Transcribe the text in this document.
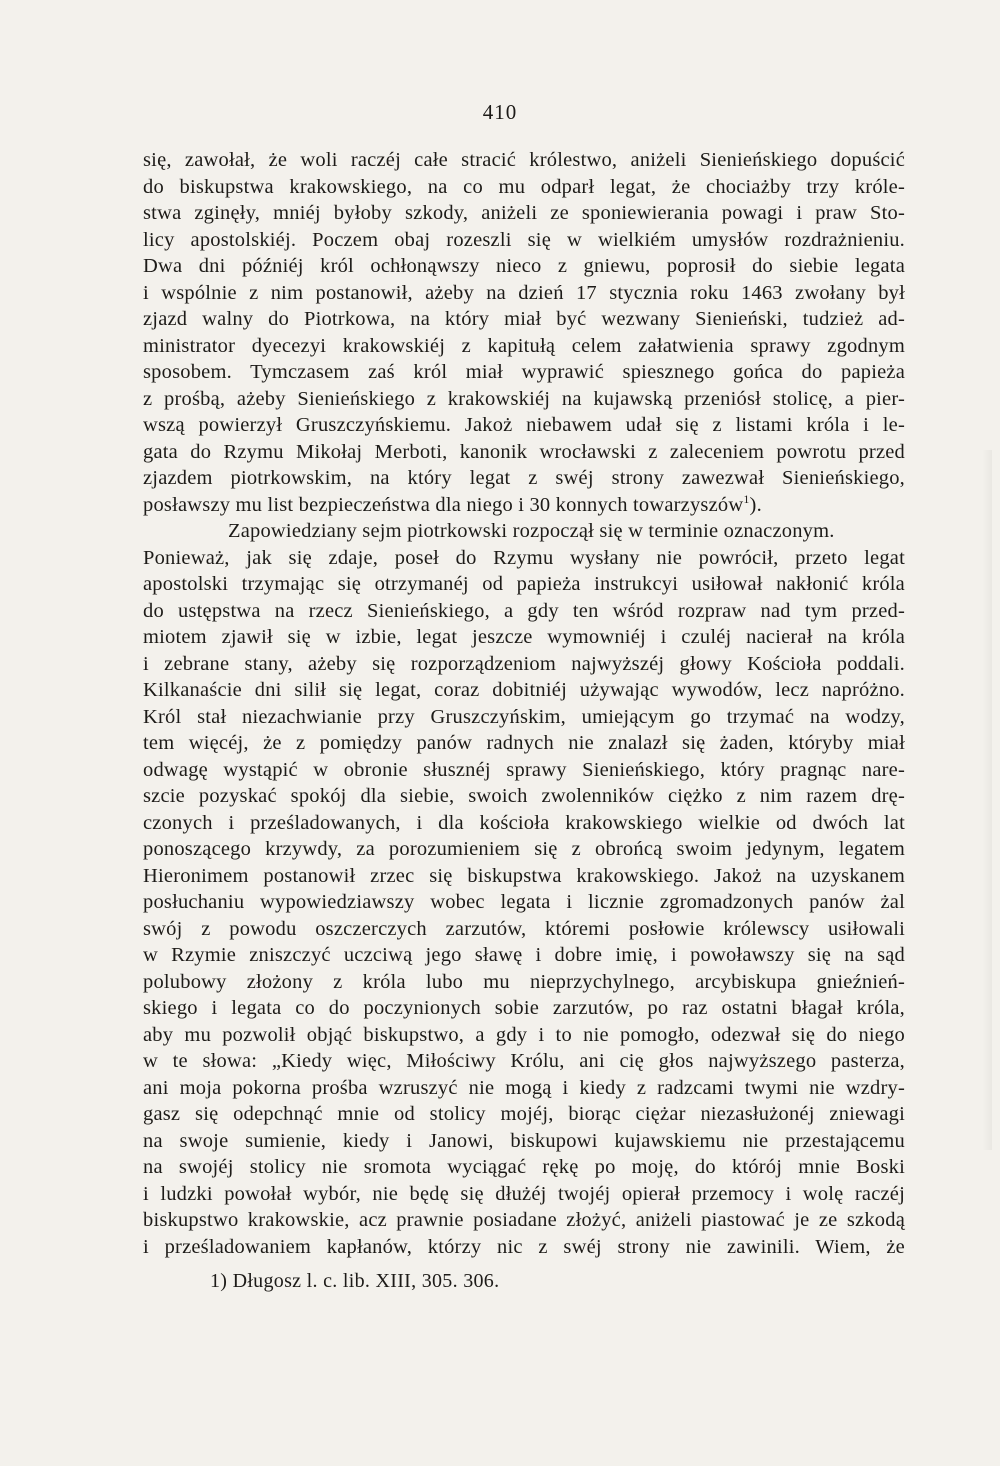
410
się, zawołał, że woli raczéj całe stracić królestwo, aniżeli Sienieńskiego dopuścić
do biskupstwa krakowskiego, na co mu odparł legat, że chociażby trzy króle-
stwa zginęły, mniéj byłoby szkody, aniżeli ze sponiewierania powagi i praw Sto-
licy apostolskiéj. Poczem obaj rozeszli się w wielkiém umysłów rozdrażnieniu.
Dwa dni późniéj król ochłonąwszy nieco z gniewu, poprosił do siebie legata
i wspólnie z nim postanowił, ażeby na dzień 17 stycznia roku 1463 zwołany był
zjazd walny do Piotrkowa, na który miał być wezwany Sienieński, tudzież ad-
ministrator dyecezyi krakowskiéj z kapitułą celem załatwienia sprawy zgodnym
sposobem. Tymczasem zaś król miał wyprawić spiesznego gońca do papieża
z prośbą, ażeby Sienieńskiego z krakowskiéj na kujawską przeniósł stolicę, a pier-
wszą powierzył Gruszczyńskiemu. Jakoż niebawem udał się z listami króla i le-
gata do Rzymu Mikołaj Merboti, kanonik wrocławski z zaleceniem powrotu przed
zjazdem piotrkowskim, na który legat z swéj strony zawezwał Sienieńskiego,
posławszy mu list bezpieczeństwa dla niego i 30 konnych towarzyszów$^1$).
Zapowiedziany sejm piotrkowski rozpoczął się w terminie oznaczonym.
Ponieważ, jak się zdaje, poseł do Rzymu wysłany nie powrócił, przeto legat
apostolski trzymając się otrzymanéj od papieża instrukcyi usiłował nakłonić króla
do ustępstwa na rzecz Sienieńskiego, a gdy ten wśród rozpraw nad tym przed-
miotem zjawił się w izbie, legat jeszcze wymowniéj i czuléj nacierał na króla
i zebrane stany, ażeby się rozporządzeniom najwyższéj głowy Kościoła poddali.
Kilkanaście dni silił się legat, coraz dobitniéj używając wywodów, lecz napróżno.
Król stał niezachwianie przy Gruszczyńskim, umiejącym go trzymać na wodzy,
tem więcéj, że z pomiędzy panów radnych nie znalazł się żaden, któryby miał
odwagę wystąpić w obronie słusznéj sprawy Sienieńskiego, który pragnąc nare-
szcie pozyskać spokój dla siebie, swoich zwolenników ciężko z nim razem drę-
czonych i prześladowanych, i dla kościoła krakowskiego wielkie od dwóch lat
ponoszącego krzywdy, za porozumieniem się z obrońcą swoim jedynym, legatem
Hieronimem postanowił zrzec się biskupstwa krakowskiego. Jakoż na uzyskanem
posłuchaniu wypowiedziawszy wobec legata i licznie zgromadzonych panów żal
swój z powodu oszczerczych zarzutów, któremi posłowie królewscy usiłowali
w Rzymie zniszczyć uczciwą jego sławę i dobre imię, i powoławszy się na sąd
polubowy złożony z króla lubo mu nieprzychylnego, arcybiskupa gnieźnień-
skiego i legata co do poczynionych sobie zarzutów, po raz ostatni błagał króla,
aby mu pozwolił objąć biskupstwo, a gdy i to nie pomogło, odezwał się do niego
w te słowa: „Kiedy więc, Miłościwy Królu, ani cię głos najwyższego pasterza,
ani moja pokorna prośba wzruszyć nie mogą i kiedy z radzcami twymi nie wzdry-
gasz się odepchnąć mnie od stolicy mojéj, biorąc ciężar niezasłużonéj zniewagi
na swoje sumienie, kiedy i Janowi, biskupowi kujawskiemu nie przestającemu
na swojéj stolicy nie sromota wyciągać rękę po moję, do którój mnie Boski
i ludzki powołał wybór, nie będę się dłużéj twojéj opierał przemocy i wolę raczéj
biskupstwo krakowskie, acz prawnie posiadane złożyć, aniżeli piastować je ze szkodą
i prześladowaniem kapłanów, którzy nic z swéj strony nie zawinili. Wiem, że
1) Długosz l. c. lib. XIII, 305. 306.
